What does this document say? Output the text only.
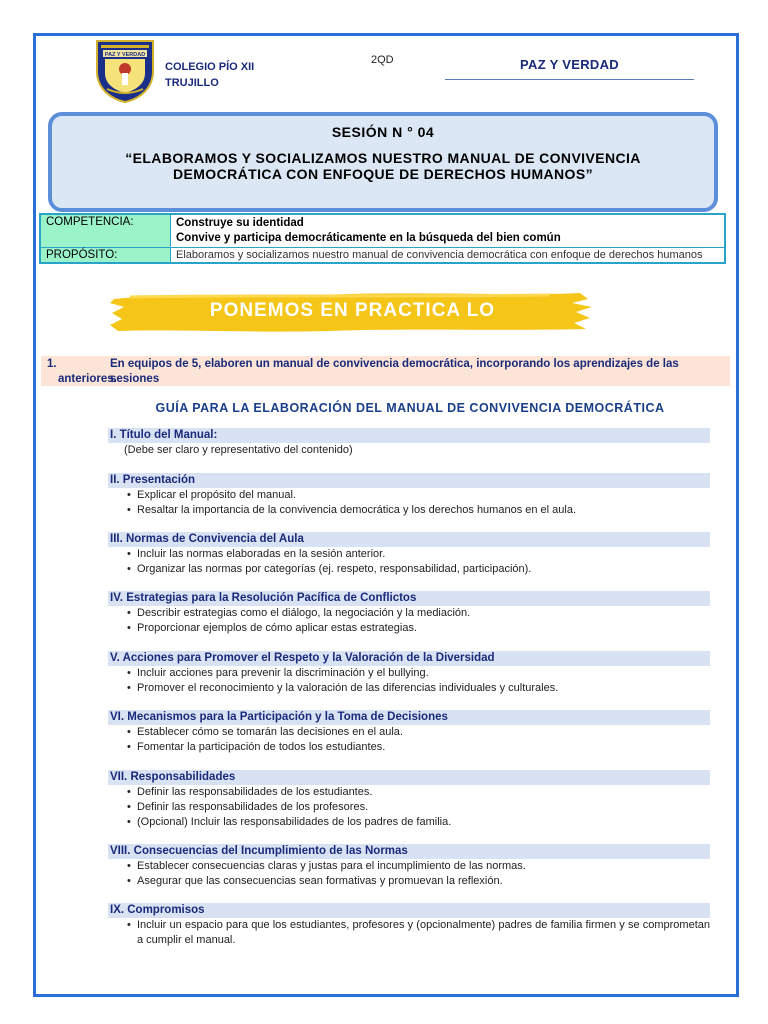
PAZ Y VERDAD
COLEGIO PÍO XII
TRUJILLO
2QD	PAZ Y VERDAD
SESIÓN N ° 04
“ELABORAMOS Y SOCIALIZAMOS NUESTRO MANUAL DE CONVIVENCIA DEMOCRÁTICA CON ENFOQUE DE DERECHOS HUMANOS”
COMPETENCIA:	Construye su identidad
Convive y participa democráticamente en la búsqueda del bien común

PROPÓSITO:	Elaboramos y socializamos nuestro manual de convivencia democrática con enfoque de derechos humanos
PONEMOS EN PRACTICA LO
1.	En equipos de 5, elaboren un manual de convivencia democrática, incorporando los aprendizajes de las sesiones
anteriores.
GUÍA PARA LA ELABORACIÓN DEL MANUAL DE CONVIVENCIA DEMOCRÁTICA
I. Título del Manual:
(Debe ser claro y representativo del contenido)
II. Presentación
• Explicar el propósito del manual.
• Resaltar la importancia de la convivencia democrática y los derechos humanos en el aula.
III. Normas de Convivencia del Aula
• Incluir las normas elaboradas en la sesión anterior.
• Organizar las normas por categorías (ej. respeto, responsabilidad, participación).
IV. Estrategias para la Resolución Pacífica de Conflictos
• Describir estrategias como el diálogo, la negociación y la mediación.
• Proporcionar ejemplos de cómo aplicar estas estrategias.
V. Acciones para Promover el Respeto y la Valoración de la Diversidad
• Incluir acciones para prevenir la discriminación y el bullying.
• Promover el reconocimiento y la valoración de las diferencias individuales y culturales.
VI. Mecanismos para la Participación y la Toma de Decisiones
• Establecer cómo se tomarán las decisiones en el aula.
• Fomentar la participación de todos los estudiantes.
VII. Responsabilidades
• Definir las responsabilidades de los estudiantes.
• Definir las responsabilidades de los profesores.
• (Opcional) Incluir las responsabilidades de los padres de familia.
VIII. Consecuencias del Incumplimiento de las Normas
• Establecer consecuencias claras y justas para el incumplimiento de las normas.
• Asegurar que las consecuencias sean formativas y promuevan la reflexión.
IX. Compromisos
• Incluir un espacio para que los estudiantes, profesores y (opcionalmente) padres de familia firmen y se comprometan a cumplir el manual.
